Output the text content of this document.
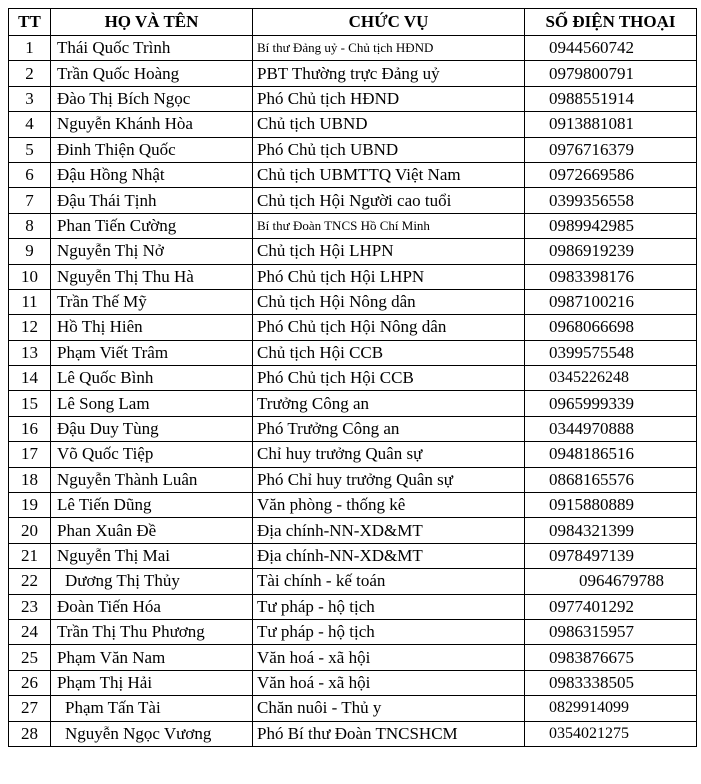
TT	HỌ VÀ TÊN	CHỨC VỤ	SỐ ĐIỆN THOẠI
1	Thái Quốc Trình	Bí thư Đảng uỷ - Chủ tịch HĐND	0944560742
2	Trần Quốc Hoàng	PBT Thường trực Đảng uỷ	0979800791
3	Đào Thị Bích Ngọc	Phó Chủ tịch HĐND	0988551914
4	Nguyễn Khánh Hòa	Chủ tịch UBND	0913881081
5	Đinh Thiện Quốc	Phó Chủ tịch UBND	0976716379
6	Đậu Hồng Nhật	Chủ tịch UBMTTQ Việt Nam	0972669586
7	Đậu Thái Tịnh	Chủ tịch Hội Người cao tuổi	0399356558
8	Phan Tiến Cường	Bí thư Đoàn TNCS Hồ Chí Minh	0989942985
9	Nguyễn Thị Nở	Chủ tịch Hội LHPN	0986919239
10	Nguyễn Thị Thu Hà	Phó Chủ tịch Hội LHPN	0983398176
11	Trần Thế Mỹ	Chủ tịch Hội Nông dân	0987100216
12	Hồ Thị Hiên	Phó Chủ tịch Hội Nông dân	0968066698
13	Phạm Viết Trâm	Chủ tịch Hội CCB	0399575548
14	Lê Quốc Bình	Phó Chủ tịch Hội CCB	0345226248
15	Lê Song Lam	Trưởng Công an	0965999339
16	Đậu Duy Tùng	Phó Trưởng Công an	0344970888
17	Võ Quốc Tiệp	Chỉ huy trưởng Quân sự	0948186516
18	Nguyễn Thành Luân	Phó Chỉ huy trưởng Quân sự	0868165576
19	Lê Tiến Dũng	Văn phòng - thống kê	0915880889
20	Phan Xuân Đề	Địa chính-NN-XD&MT	0984321399
21	Nguyễn Thị Mai	Địa chính-NN-XD&MT	0978497139
22	Dương Thị Thủy	Tài chính - kế toán	0964679788
23	Đoàn Tiến Hóa	Tư pháp - hộ tịch	0977401292
24	Trần Thị Thu Phương	Tư pháp - hộ tịch	0986315957
25	Phạm Văn Nam	Văn hoá - xã hội	0983876675
26	Phạm Thị Hải	Văn hoá - xã hội	0983338505
27	Phạm Tấn Tài	Chăn nuôi - Thủ y	0829914099
28	Nguyễn Ngọc Vương	Phó Bí thư Đoàn TNCSHCM	0354021275
